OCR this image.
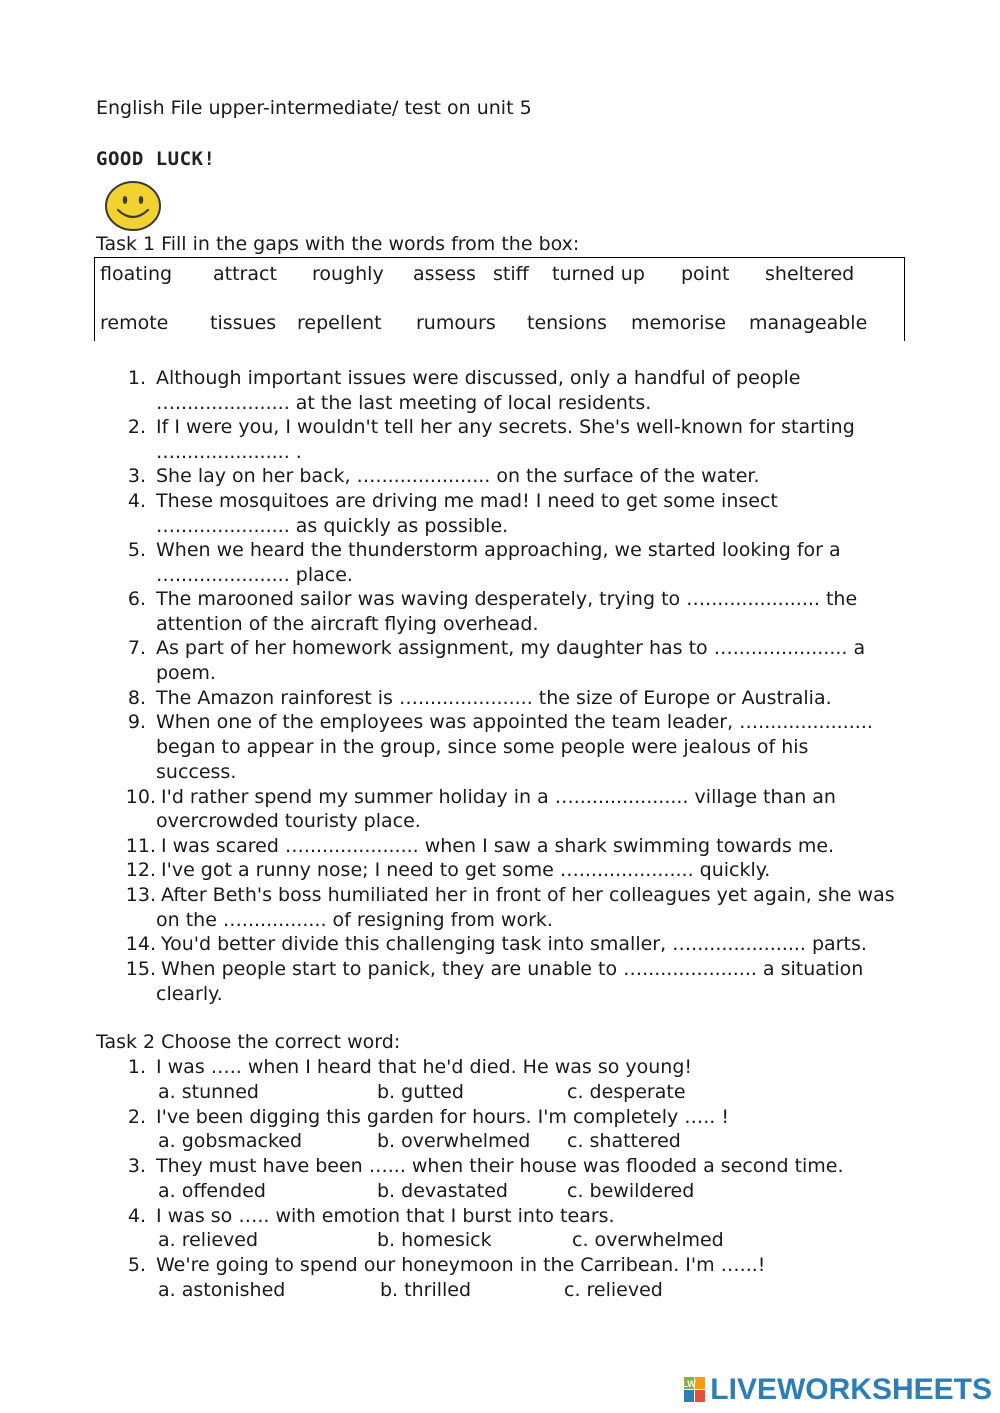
English File upper-intermediate/ test on unit 5
GOOD LUCK!
Task 1 Fill in the gaps with the words from the box:
floating attract roughly assess stiff turned up point sheltered
remote tissues repellent rumours tensions memorise manageable
1. Although important issues were discussed, only a handful of people
…................... at the last meeting of local residents.
2. If I were you, I wouldn't tell her any secrets. She's well-known for starting
…................... .
3. She lay on her back, …................... on the surface of the water.
4. These mosquitoes are driving me mad! I need to get some insect
…................... as quickly as possible.
5. When we heard the thunderstorm approaching, we started looking for a
…................... place.
6. The marooned sailor was waving desperately, trying to …................... the
attention of the aircraft flying overhead.
7. As part of her homework assignment, my daughter has to …................... a
poem.
8. The Amazon rainforest is …................... the size of Europe or Australia.
9. When one of the employees was appointed the team leader, …...................
began to appear in the group, since some people were jealous of his
success.
10. I'd rather spend my summer holiday in a …................... village than an
overcrowded touristy place.
11. I was scared …................... when I saw a shark swimming towards me.
12. I've got a runny nose; I need to get some …................... quickly.
13. After Beth's boss humiliated her in front of her colleagues yet again, she was
on the ….............. of resigning from work.
14. You'd better divide this challenging task into smaller, …................... parts.
15. When people start to panick, they are unable to …................... a situation
clearly.
Task 2 Choose the correct word:
1. I was ….. when I heard that he'd died. He was so young!
a. stunned	b. gutted	c. desperate
2. I've been digging this garden for hours. I'm completely ….. !
a. gobsmacked	b. overwhelmed c. shattered
3. They must have been …... when their house was flooded a second time.
a. offended	b. devastated	c. bewildered
4. I was so ….. with emotion that I burst into tears.
a. relieved	b. homesick	c. overwhelmed
5. We're going to spend our honeymoon in the Carribean. I'm …...!
a. astonished	b. thrilled	c. relieved
LW LIVEWORKSHEETS
